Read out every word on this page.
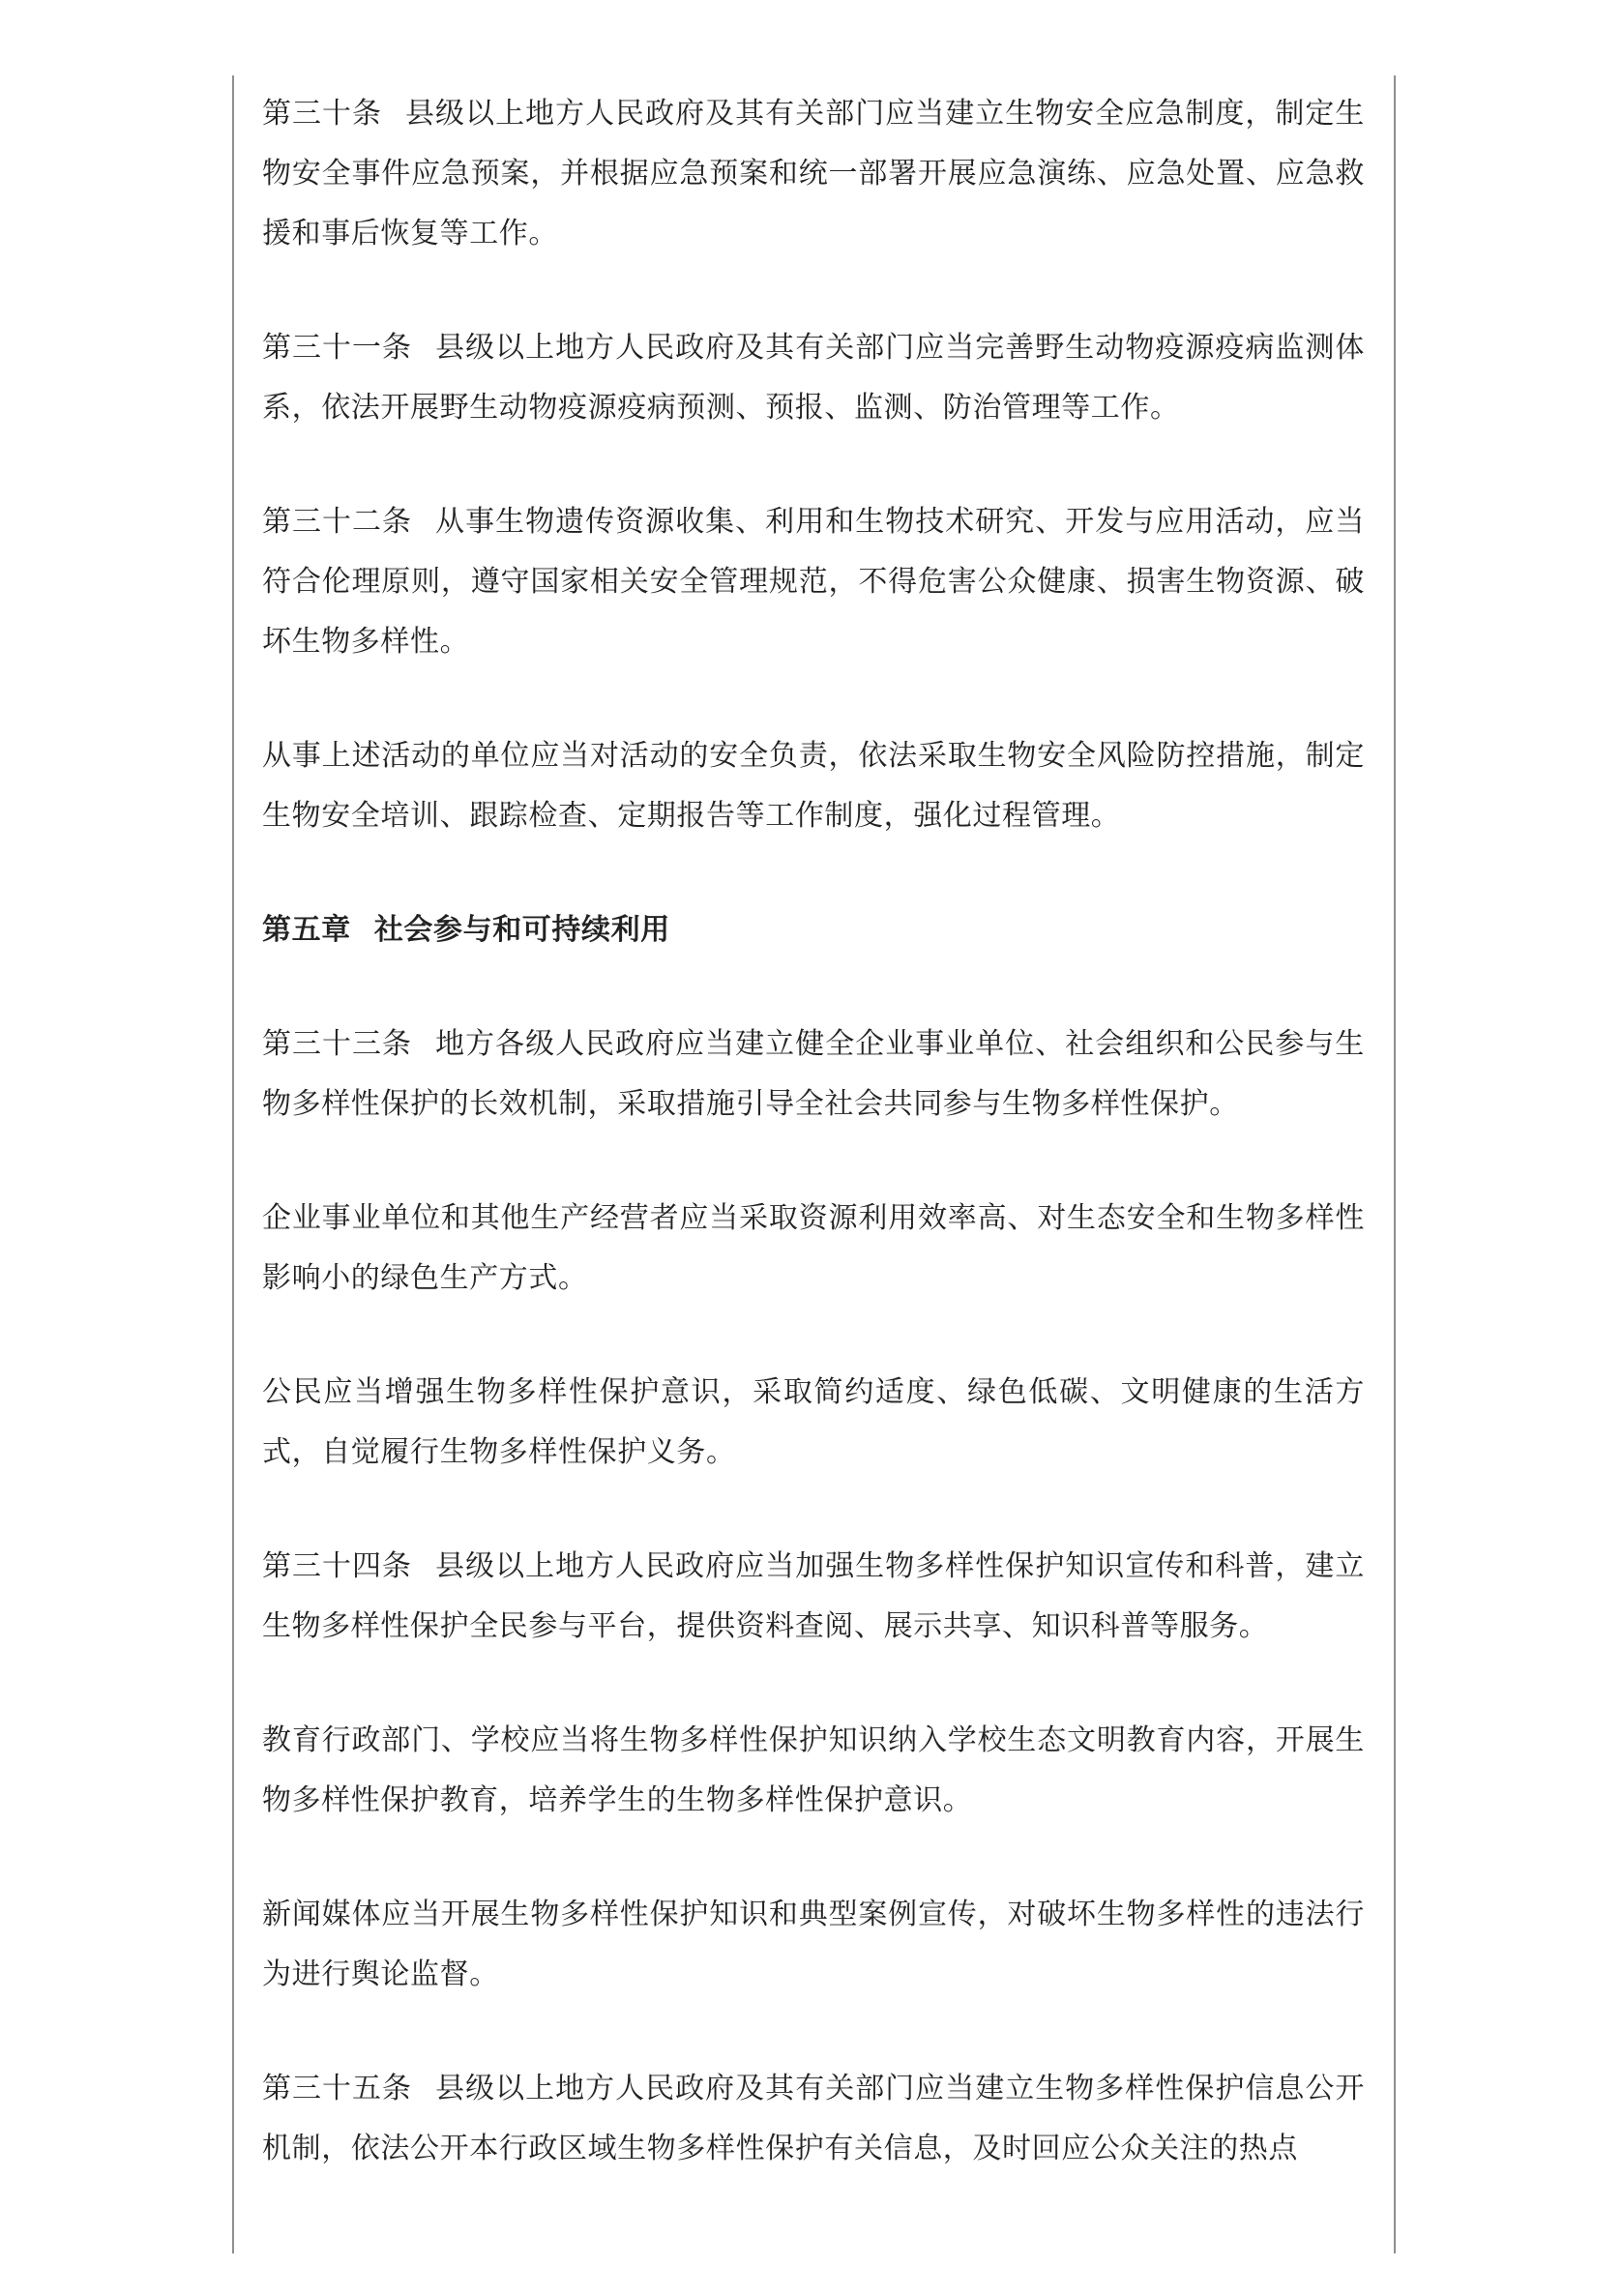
第三十条 县级以上地方人民政府及其有关部门应当建立生物安全应急制度，制定生物安全事件应急预案，并根据应急预案和统一部署开展应急演练、应急处置、应急救援和事后恢复等工作。

第三十一条 县级以上地方人民政府及其有关部门应当完善野生动物疫源疫病监测体系，依法开展野生动物疫源疫病预测、预报、监测、防治管理等工作。

第三十二条 从事生物遗传资源收集、利用和生物技术研究、开发与应用活动，应当符合伦理原则，遵守国家相关安全管理规范，不得危害公众健康、损害生物资源、破坏生物多样性。

从事上述活动的单位应当对活动的安全负责，依法采取生物安全风险防控措施，制定生物安全培训、跟踪检查、定期报告等工作制度，强化过程管理。

第五章 社会参与和可持续利用

第三十三条 地方各级人民政府应当建立健全企业事业单位、社会组织和公民参与生物多样性保护的长效机制，采取措施引导全社会共同参与生物多样性保护。

企业事业单位和其他生产经营者应当采取资源利用效率高、对生态安全和生物多样性影响小的绿色生产方式。

公民应当增强生物多样性保护意识，采取简约适度、绿色低碳、文明健康的生活方式，自觉履行生物多样性保护义务。

第三十四条 县级以上地方人民政府应当加强生物多样性保护知识宣传和科普，建立生物多样性保护全民参与平台，提供资料查阅、展示共享、知识科普等服务。

教育行政部门、学校应当将生物多样性保护知识纳入学校生态文明教育内容，开展生物多样性保护教育，培养学生的生物多样性保护意识。

新闻媒体应当开展生物多样性保护知识和典型案例宣传，对破坏生物多样性的违法行为进行舆论监督。

第三十五条 县级以上地方人民政府及其有关部门应当建立生物多样性保护信息公开机制，依法公开本行政区域生物多样性保护有关信息，及时回应公众关注的热点
